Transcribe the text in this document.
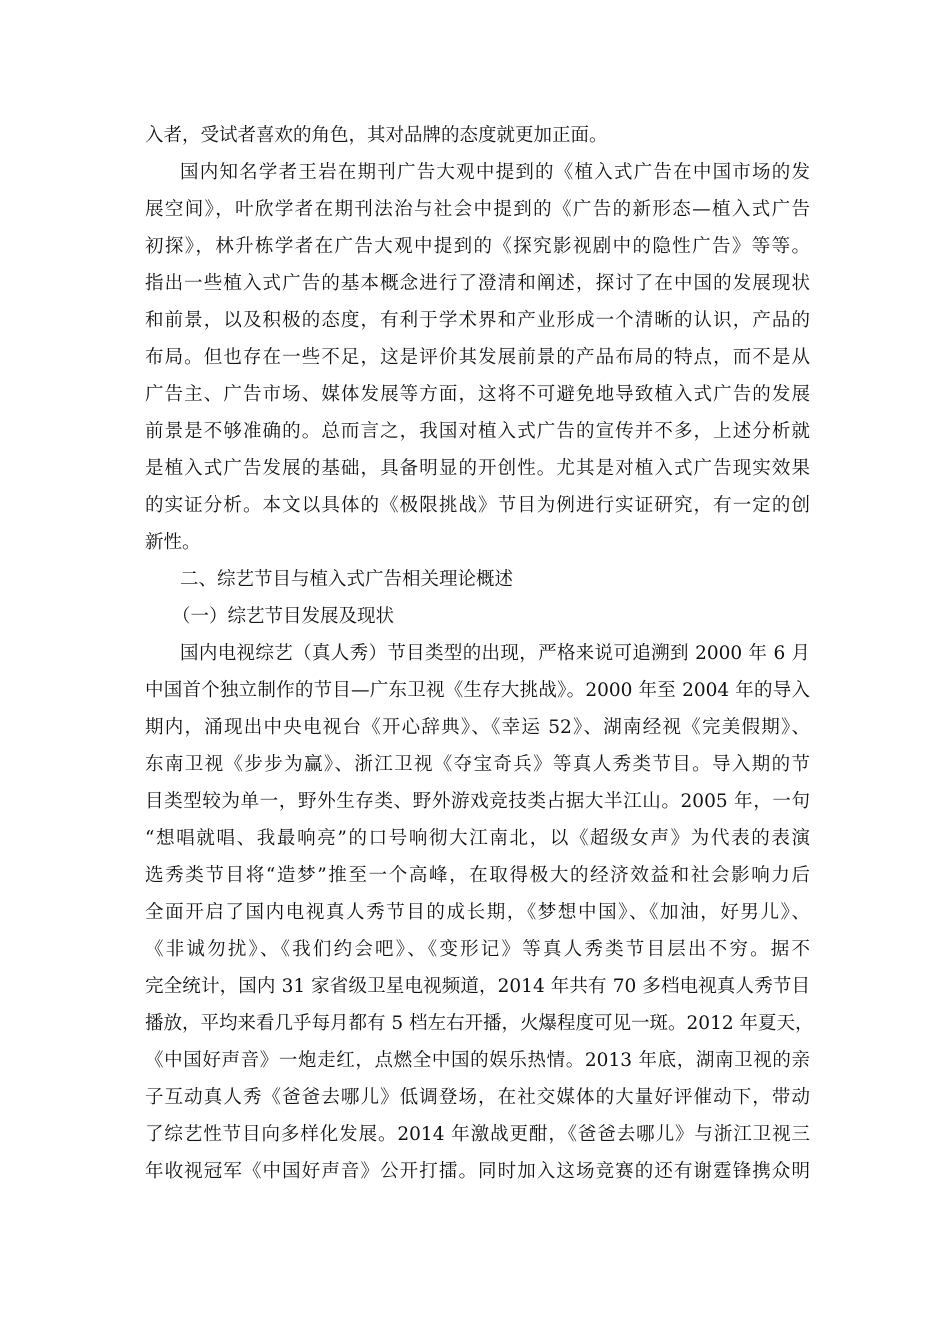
入者，受试者喜欢的角色，其对品牌的态度就更加正面。
国内知名学者王岩在期刊广告大观中提到的《植入式广告在中国市场的发
展空间》，叶欣学者在期刊法治与社会中提到的《广告的新形态—植入式广告
初探》，林升栋学者在广告大观中提到的《探究影视剧中的隐性广告》等等。
指出一些植入式广告的基本概念进行了澄清和阐述，探讨了在中国的发展现状
和前景，以及积极的态度，有利于学术界和产业形成一个清晰的认识，产品的
布局。但也存在一些不足，这是评价其发展前景的产品布局的特点，而不是从
广告主、广告市场、媒体发展等方面，这将不可避免地导致植入式广告的发展
前景是不够准确的。总而言之，我国对植入式广告的宣传并不多，上述分析就
是植入式广告发展的基础，具备明显的开创性。尤其是对植入式广告现实效果
的实证分析。本文以具体的《极限挑战》节目为例进行实证研究，有一定的创
新性。
二、综艺节目与植入式广告相关理论概述
（一）综艺节目发展及现状
国内电视综艺（真人秀）节目类型的出现，严格来说可追溯到 2000 年 6 月
中国首个独立制作的节目—广东卫视《生存大挑战》。2000 年至 2004 年的导入
期内，涌现出中央电视台《开心辞典》、《幸运 52》、湖南经视《完美假期》、
东南卫视《步步为赢》、浙江卫视《夺宝奇兵》等真人秀类节目。导入期的节
目类型较为单一，野外生存类、野外游戏竞技类占据大半江山。2005 年，一句
“想唱就唱、我最响亮”的口号响彻大江南北，以《超级女声》为代表的表演
选秀类节目将“造梦”推至一个高峰，在取得极大的经济效益和社会影响力后
全面开启了国内电视真人秀节目的成长期，《梦想中国》、《加油，好男儿》、
《非诚勿扰》、《我们约会吧》、《变形记》等真人秀类节目层出不穷。据不
完全统计，国内 31 家省级卫星电视频道，2014 年共有 70 多档电视真人秀节目
播放，平均来看几乎每月都有 5 档左右开播，火爆程度可见一斑。2012 年夏天，
《中国好声音》一炮走红，点燃全中国的娱乐热情。2013 年底，湖南卫视的亲
子互动真人秀《爸爸去哪儿》低调登场，在社交媒体的大量好评催动下，带动
了综艺性节目向多样化发展。2014 年激战更酣，《爸爸去哪儿》与浙江卫视三
年收视冠军《中国好声音》公开打擂。同时加入这场竞赛的还有谢霆锋携众明
